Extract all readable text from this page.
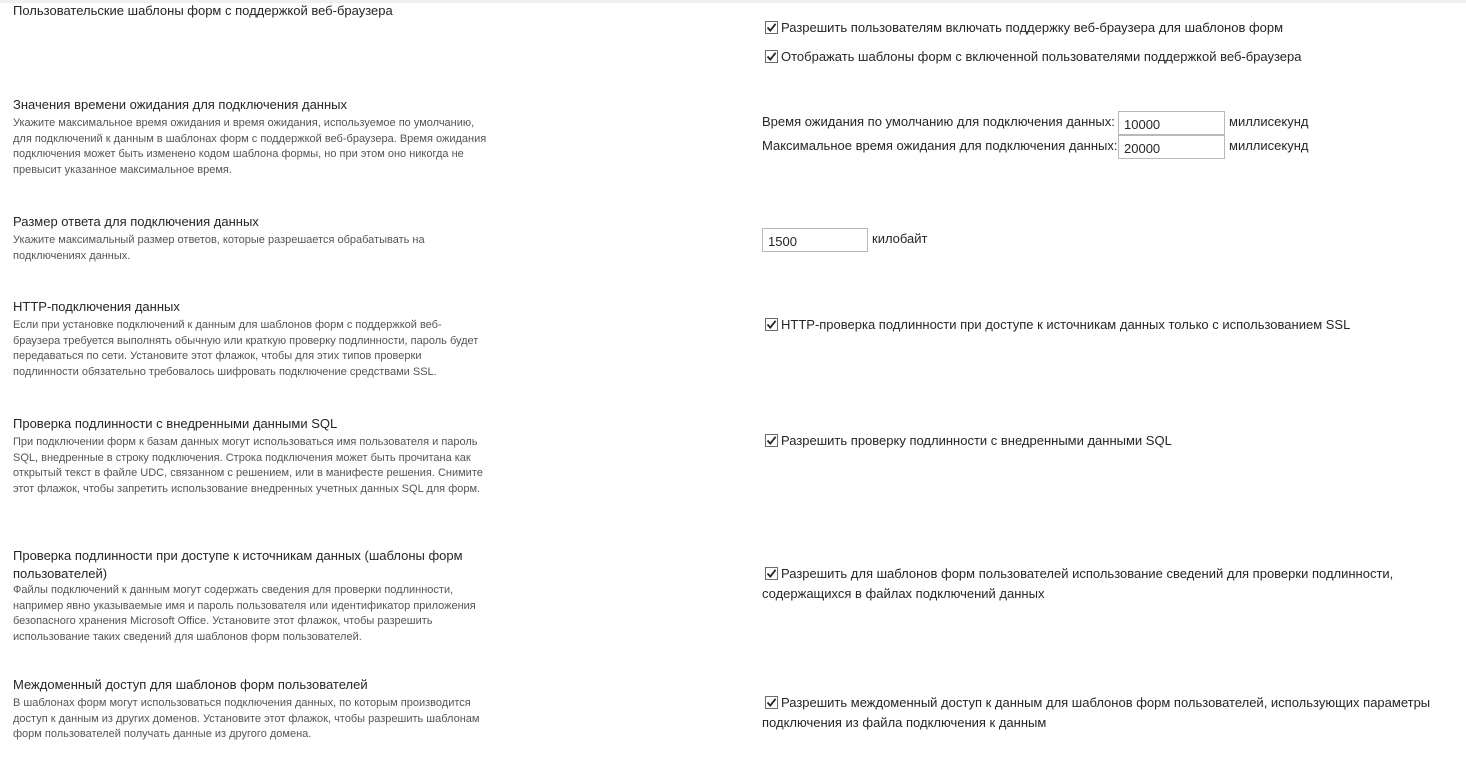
Пользовательские шаблоны форм с поддержкой веб-браузера

Разрешить пользователям включать поддержку веб-браузера для шаблонов форм
Отображать шаблоны форм с включенной пользователями поддержкой веб-браузера

Значения времени ожидания для подключения данных

Укажите максимальное время ожидания и время ожидания, используемое по умолчанию, для подключений к данным в шаблонах форм с поддержкой веб-браузера. Время ожидания подключения может быть изменено кодом шаблона формы, но при этом оно никогда не превысит указанное максимальное время.

Время ожидания по умолчанию для подключения данных:
10000	миллисекунд
Максимальное время ожидания для подключения данных:
20000	миллисекунд

Размер ответа для подключения данных

Укажите максимальный размер ответов, которые разрешается обрабатывать на подключениях данных.

1500
килобайт

HTTP-подключения данных

Если при установке подключений к данным для шаблонов форм с поддержкой веб-браузера требуется выполнять обычную или краткую проверку подлинности, пароль будет передаваться по сети. Установите этот флажок, чтобы для этих типов проверки подлинности обязательно требовалось шифровать подключение средствами SSL.

HTTP-проверка подлинности при доступе к источникам данных только с использованием SSL

Проверка подлинности с внедренными данными SQL

При подключении форм к базам данных могут использоваться имя пользователя и пароль SQL, внедренные в строку подключения. Строка подключения может быть прочитана как открытый текст в файле UDC, связанном с решением, или в манифесте решения. Снимите этот флажок, чтобы запретить использование внедренных учетных данных SQL для форм.

Разрешить проверку подлинности с внедренными данными SQL

Проверка подлинности при доступе к источникам данных (шаблоны форм пользователей)

Файлы подключений к данным могут содержать сведения для проверки подлинности, например явно указываемые имя и пароль пользователя или идентификатор приложения безопасного хранения Microsoft Office. Установите этот флажок, чтобы разрешить использование таких сведений для шаблонов форм пользователей.

Разрешить для шаблонов форм пользователей использование сведений для проверки подлинности, содержащихся в файлах подключений данных

Междоменный доступ для шаблонов форм пользователей

В шаблонах форм могут использоваться подключения данных, по которым производится доступ к данным из других доменов. Установите этот флажок, чтобы разрешить шаблонам форм пользователей получать данные из другого домена.

Разрешить междоменный доступ к данным для шаблонов форм пользователей, использующих параметры подключения из файла подключения к данным
